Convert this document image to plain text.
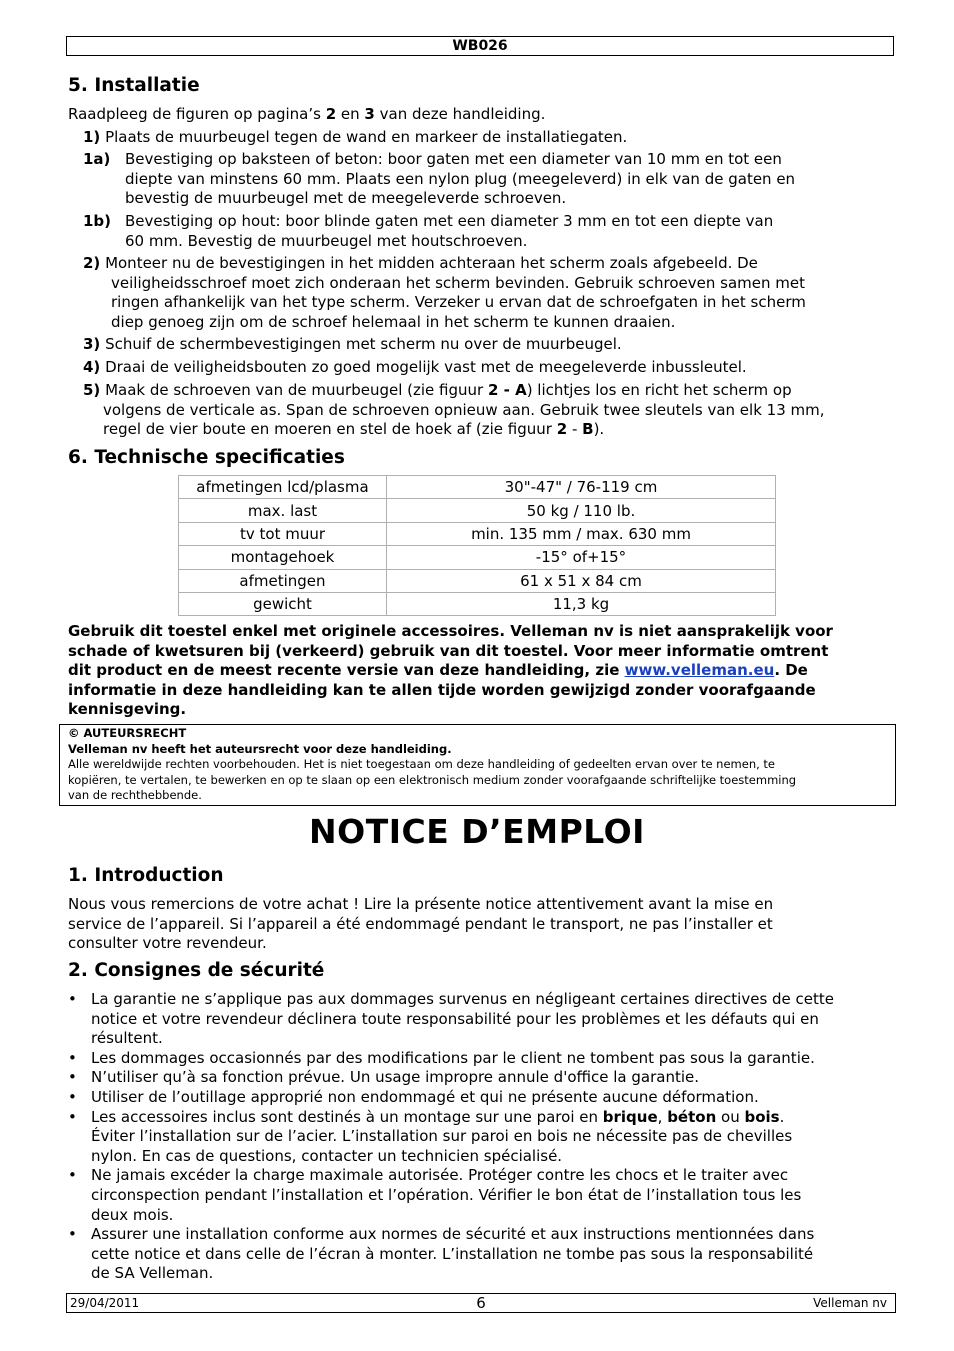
WB026
5. Installatie
Raadpleeg de figuren op pagina’s 2 en 3 van deze handleiding.
1) Plaats de muurbeugel tegen de wand en markeer de installatiegaten.
1a) Bevestiging op baksteen of beton: boor gaten met een diameter van 10 mm en tot een
diepte van minstens 60 mm. Plaats een nylon plug (meegeleverd) in elk van de gaten en
bevestig de muurbeugel met de meegeleverde schroeven.
1b) Bevestiging op hout: boor blinde gaten met een diameter 3 mm en tot een diepte van
60 mm. Bevestig de muurbeugel met houtschroeven.
2) Monteer nu de bevestigingen in het midden achteraan het scherm zoals afgebeeld. De
veiligheidsschroef moet zich onderaan het scherm bevinden. Gebruik schroeven samen met
ringen afhankelijk van het type scherm. Verzeker u ervan dat de schroefgaten in het scherm
diep genoeg zijn om de schroef helemaal in het scherm te kunnen draaien.
3) Schuif de schermbevestigingen met scherm nu over de muurbeugel.
4) Draai de veiligheidsbouten zo goed mogelijk vast met de meegeleverde inbussleutel.
5) Maak de schroeven van de muurbeugel (zie figuur 2 - A) lichtjes los en richt het scherm op
volgens de verticale as. Span de schroeven opnieuw aan. Gebruik twee sleutels van elk 13 mm,
regel de vier boute en moeren en stel de hoek af (zie figuur 2 - B).
6. Technische specificaties
afmetingen lcd/plasma	30"-47" / 76-119 cm
max. last	50 kg / 110 lb.
tv tot muur	min. 135 mm / max. 630 mm
montagehoek	-15° of+15°
afmetingen	61 x 51 x 84 cm
gewicht	11,3 kg
Gebruik dit toestel enkel met originele accessoires. Velleman nv is niet aansprakelijk voor
schade of kwetsuren bij (verkeerd) gebruik van dit toestel. Voor meer informatie omtrent
dit product en de meest recente versie van deze handleiding, zie www.velleman.eu. De
informatie in deze handleiding kan te allen tijde worden gewijzigd zonder voorafgaande
kennisgeving.
© AUTEURSRECHT
Velleman nv heeft het auteursrecht voor deze handleiding.
Alle wereldwijde rechten voorbehouden. Het is niet toegestaan om deze handleiding of gedeelten ervan over te nemen, te
kopiëren, te vertalen, te bewerken en op te slaan op een elektronisch medium zonder voorafgaande schriftelijke toestemming
van de rechthebbende.
NOTICE D’EMPLOI
1. Introduction
Nous vous remercions de votre achat ! Lire la présente notice attentivement avant la mise en
service de l’appareil. Si l’appareil a été endommagé pendant le transport, ne pas l’installer et
consulter votre revendeur.
2. Consignes de sécurité
• La garantie ne s’applique pas aux dommages survenus en négligeant certaines directives de cette
notice et votre revendeur déclinera toute responsabilité pour les problèmes et les défauts qui en
résultent.
• Les dommages occasionnés par des modifications par le client ne tombent pas sous la garantie.
• N’utiliser qu’à sa fonction prévue. Un usage impropre annule d'office la garantie.
• Utiliser de l’outillage approprié non endommagé et qui ne présente aucune déformation.
• Les accessoires inclus sont destinés à un montage sur une paroi en brique, béton ou bois.
Éviter l’installation sur de l’acier. L’installation sur paroi en bois ne nécessite pas de chevilles
nylon. En cas de questions, contacter un technicien spécialisé.
• Ne jamais excéder la charge maximale autorisée. Protéger contre les chocs et le traiter avec
circonspection pendant l’installation et l’opération. Vérifier le bon état de l’installation tous les
deux mois.
• Assurer une installation conforme aux normes de sécurité et aux instructions mentionnées dans
cette notice et dans celle de l’écran à monter. L’installation ne tombe pas sous la responsabilité
de SA Velleman.
29/04/2011	6	Velleman nv
